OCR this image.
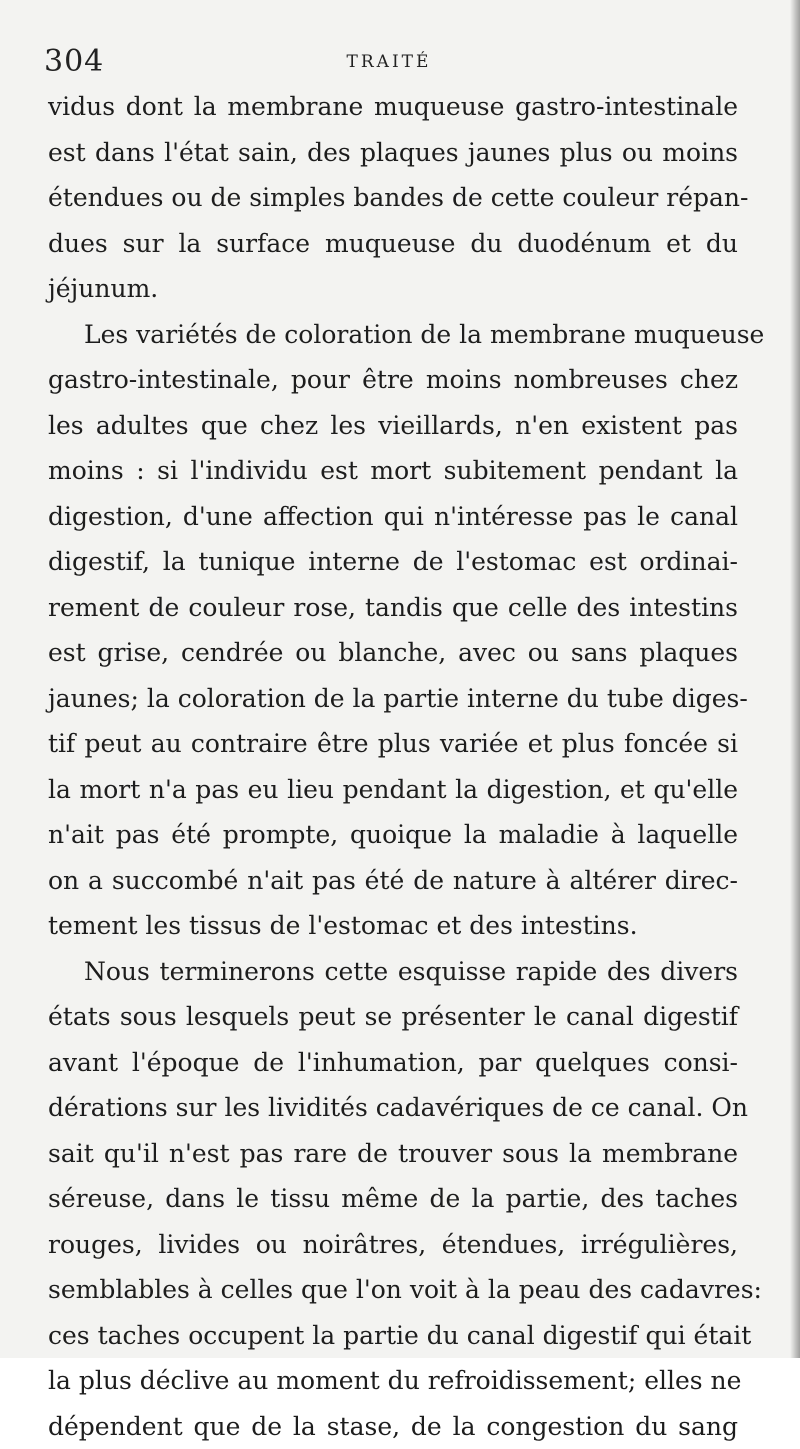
304	TRAITÉ
vidus dont la membrane muqueuse gastro-intestinale
est dans l'état sain, des plaques jaunes plus ou moins
étendues ou de simples bandes de cette couleur répan-
dues sur la surface muqueuse du duodénum et du
jéjunum.
Les variétés de coloration de la membrane muqueuse
gastro-intestinale, pour être moins nombreuses chez
les adultes que chez les vieillards, n'en existent pas
moins : si l'individu est mort subitement pendant la
digestion, d'une affection qui n'intéresse pas le canal
digestif, la tunique interne de l'estomac est ordinai-
rement de couleur rose, tandis que celle des intestins
est grise, cendrée ou blanche, avec ou sans plaques
jaunes; la coloration de la partie interne du tube diges-
tif peut au contraire être plus variée et plus foncée si
la mort n'a pas eu lieu pendant la digestion, et qu'elle
n'ait pas été prompte, quoique la maladie à laquelle
on a succombé n'ait pas été de nature à altérer direc-
tement les tissus de l'estomac et des intestins.
Nous terminerons cette esquisse rapide des divers
états sous lesquels peut se présenter le canal digestif
avant l'époque de l'inhumation, par quelques consi-
dérations sur les lividités cadavériques de ce canal. On
sait qu'il n'est pas rare de trouver sous la membrane
séreuse, dans le tissu même de la partie, des taches
rouges, livides ou noirâtres, étendues, irrégulières,
semblables à celles que l'on voit à la peau des cadavres:
ces taches occupent la partie du canal digestif qui était
la plus déclive au moment du refroidissement; elles ne
dépendent que de la stase, de la congestion du sang
